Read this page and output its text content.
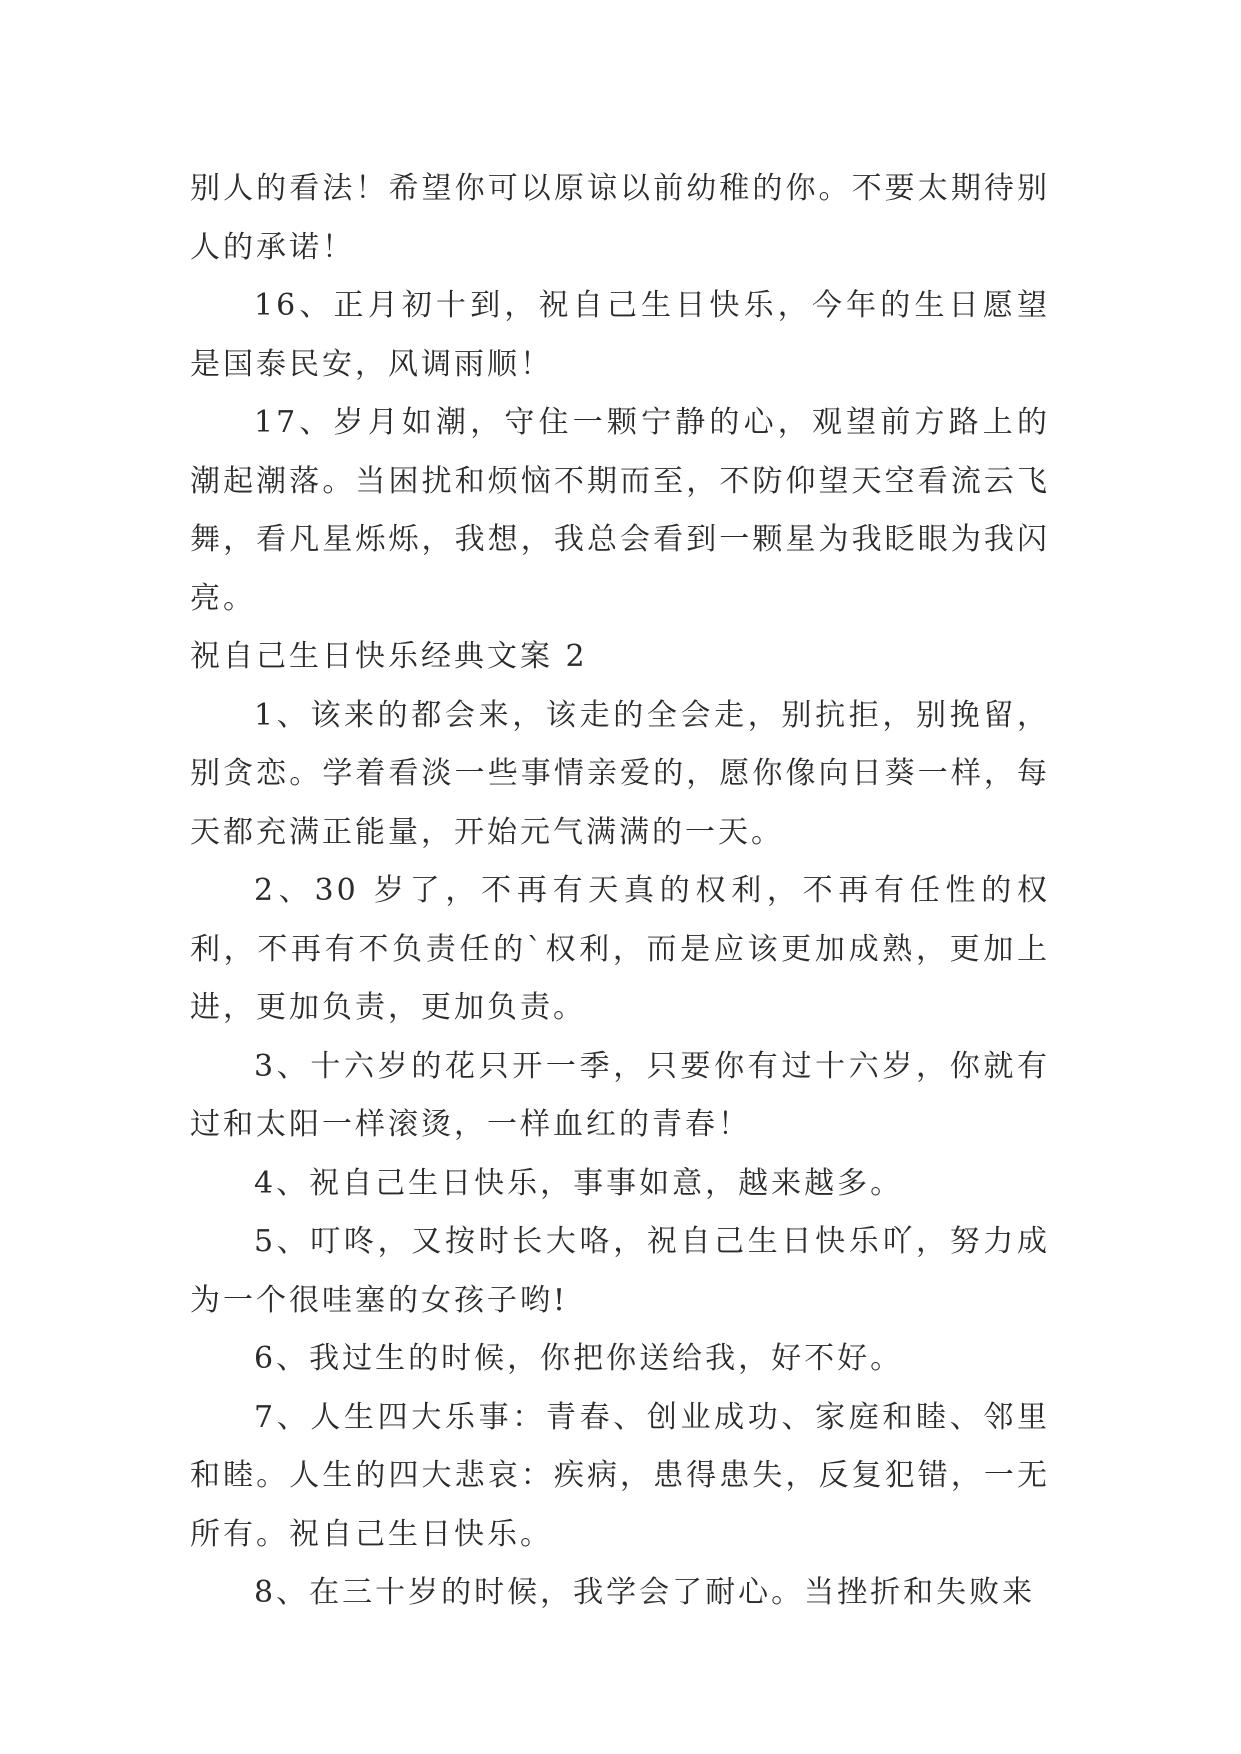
别人的看法！希望你可以原谅以前幼稚的你。不要太期待别人的承诺！

16、正月初十到，祝自己生日快乐，今年的生日愿望是国泰民安，风调雨顺！

17、岁月如潮，守住一颗宁静的心，观望前方路上的潮起潮落。当困扰和烦恼不期而至，不防仰望天空看流云飞舞，看凡星烁烁，我想，我总会看到一颗星为我眨眼为我闪亮。

祝自己生日快乐经典文案 2

1、该来的都会来，该走的全会走，别抗拒，别挽留，别贪恋。学着看淡一些事情亲爱的，愿你像向日葵一样，每天都充满正能量，开始元气满满的一天。

2、30 岁了，不再有天真的权利，不再有任性的权利，不再有不负责任的`权利，而是应该更加成熟，更加上进，更加负责，更加负责。

3、十六岁的花只开一季，只要你有过十六岁，你就有过和太阳一样滚烫，一样血红的青春！

4、祝自己生日快乐，事事如意，越来越多。

5、叮咚，又按时长大咯，祝自己生日快乐吖，努力成为一个很哇塞的女孩子哟!

6、我过生的时候，你把你送给我，好不好。

7、人生四大乐事：青春、创业成功、家庭和睦、邻里和睦。人生的四大悲哀：疾病，患得患失，反复犯错，一无所有。祝自己生日快乐。

8、在三十岁的时候，我学会了耐心。当挫折和失败来
